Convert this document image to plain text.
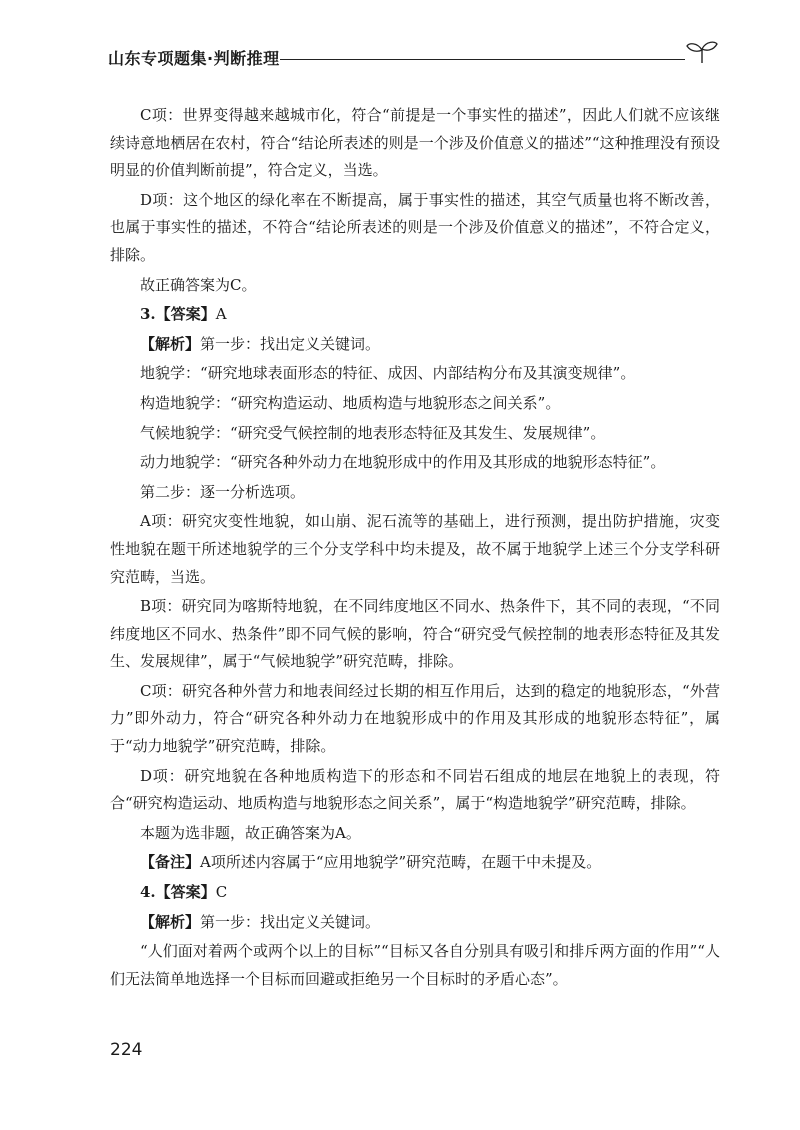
山东专项题集·判断推理

C项：世界变得越来越城市化，符合“前提是一个事实性的描述”，因此人们就不应该继续诗意地栖居在农村，符合“结论所表述的则是一个涉及价值意义的描述”“这种推理没有预设明显的价值判断前提”，符合定义，当选。

D项：这个地区的绿化率在不断提高，属于事实性的描述，其空气质量也将不断改善，也属于事实性的描述，不符合“结论所表述的则是一个涉及价值意义的描述”，不符合定义，排除。

故正确答案为C。

3.【答案】A

【解析】第一步：找出定义关键词。

地貌学：“研究地球表面形态的特征、成因、内部结构分布及其演变规律”。

构造地貌学：“研究构造运动、地质构造与地貌形态之间关系”。

气候地貌学：“研究受气候控制的地表形态特征及其发生、发展规律”。

动力地貌学：“研究各种外动力在地貌形成中的作用及其形成的地貌形态特征”。

第二步：逐一分析选项。

A项：研究灾变性地貌，如山崩、泥石流等的基础上，进行预测，提出防护措施，灾变性地貌在题干所述地貌学的三个分支学科中均未提及，故不属于地貌学上述三个分支学科研究范畴，当选。

B项：研究同为喀斯特地貌，在不同纬度地区不同水、热条件下，其不同的表现，“不同纬度地区不同水、热条件”即不同气候的影响，符合“研究受气候控制的地表形态特征及其发生、发展规律”，属于“气候地貌学”研究范畴，排除。

C项：研究各种外营力和地表间经过长期的相互作用后，达到的稳定的地貌形态，“外营力”即外动力，符合“研究各种外动力在地貌形成中的作用及其形成的地貌形态特征”，属于“动力地貌学”研究范畴，排除。

D项：研究地貌在各种地质构造下的形态和不同岩石组成的地层在地貌上的表现，符合“研究构造运动、地质构造与地貌形态之间关系”，属于“构造地貌学”研究范畴，排除。

本题为选非题，故正确答案为A。

【备注】A项所述内容属于“应用地貌学”研究范畴，在题干中未提及。

4.【答案】C

【解析】第一步：找出定义关键词。

“人们面对着两个或两个以上的目标”“目标又各自分别具有吸引和排斥两方面的作用”“人们无法简单地选择一个目标而回避或拒绝另一个目标时的矛盾心态”。

224
